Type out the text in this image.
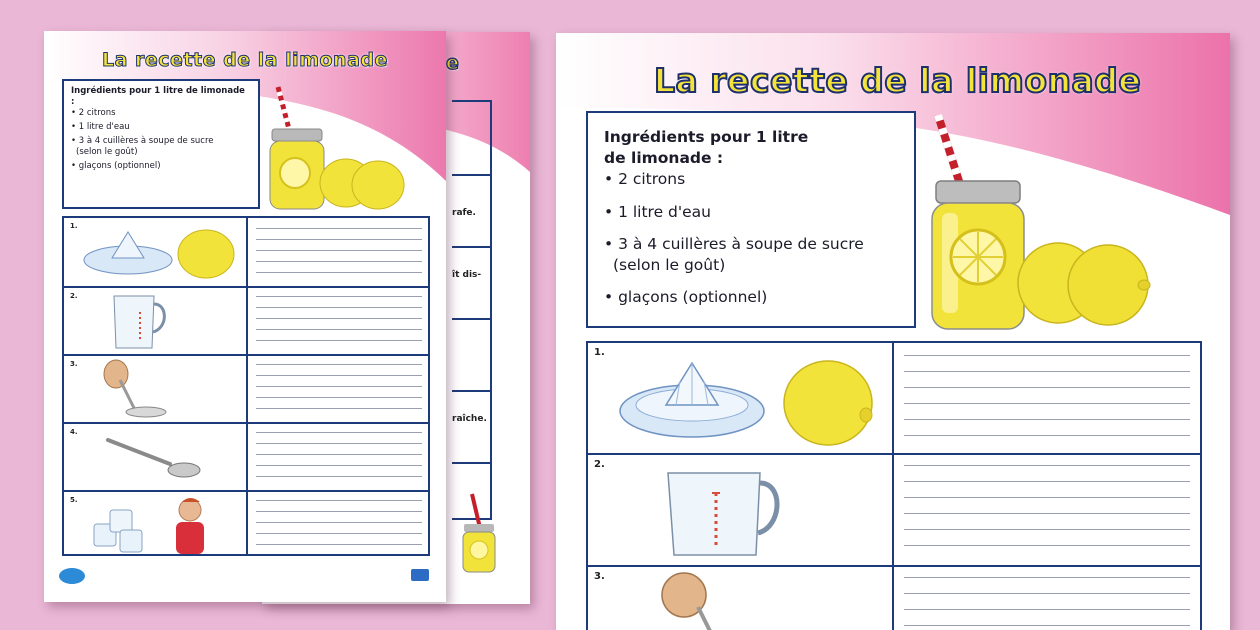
e
rafe.
ît dis-
raîche.
La recette de la limonade
Ingrédients pour 1 litre de limonade :
• 2 citrons
• 1 litre d'eau
• 3 à 4 cuillères à soupe de sucre
(selon le goût)
• glaçons (optionnel)
1.
2.
3.
4.
5.
La recette de la limonade
Ingrédients pour 1 litre de limonade :
• 2 citrons
• 1 litre d'eau
• 3 à 4 cuillères à soupe de sucre
(selon le goût)
• glaçons (optionnel)
1.
2.
3.
